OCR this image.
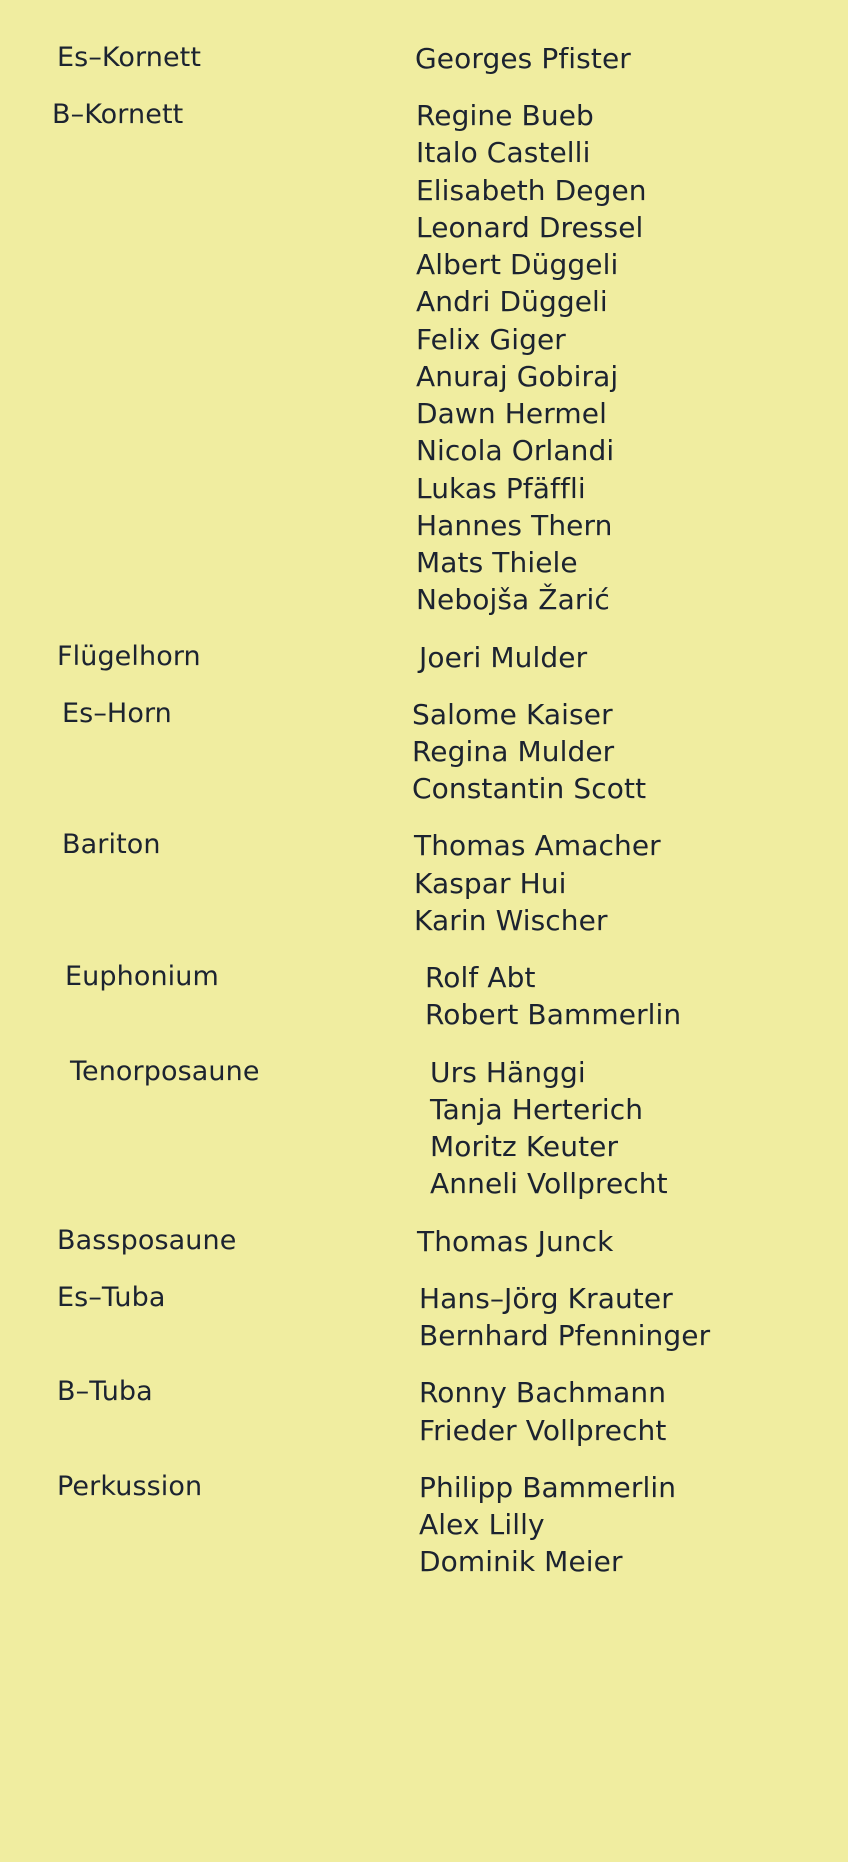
Es–Kornett	Georges Pfister
B–Kornett	Regine Bueb
Italo Castelli
Elisabeth Degen
Leonard Dressel
Albert Düggeli
Andri Düggeli
Felix Giger
Anuraj Gobiraj
Dawn Hermel
Nicola Orlandi
Lukas Pfäffli
Hannes Thern
Mats Thiele
Nebojša Žarić
Flügelhorn	Joeri Mulder
Es–Horn	Salome Kaiser
Regina Mulder
Constantin Scott
Bariton	Thomas Amacher
Kaspar Hui
Karin Wischer
Euphonium	Rolf Abt
Robert Bammerlin
Tenorposaune	Urs Hänggi
Tanja Herterich
Moritz Keuter
Anneli Vollprecht
Bassposaune	Thomas Junck
Es–Tuba	Hans–Jörg Krauter
Bernhard Pfenninger
B–Tuba	Ronny Bachmann
Frieder Vollprecht
Perkussion	Philipp Bammerlin
Alex Lilly
Dominik Meier
